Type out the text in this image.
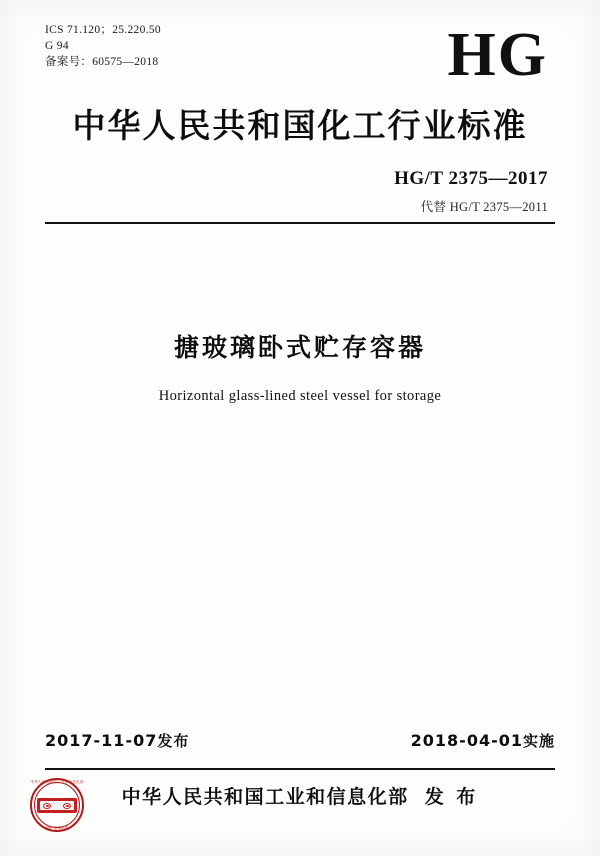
ICS 71.120；25.220.50
G 94
备案号：60575—2018	HG
中华人民共和国化工行业标准
HG/T 2375—2017
代替 HG/T 2375—2011
搪玻璃卧式贮存容器
Horizontal glass-lined steel vessel for storage
2017-11-07发布	2018-04-01实施
中华人民共和国工业和信息化部
MIIT 备案标准
中华人民共和国工业和信息化部 发 布
